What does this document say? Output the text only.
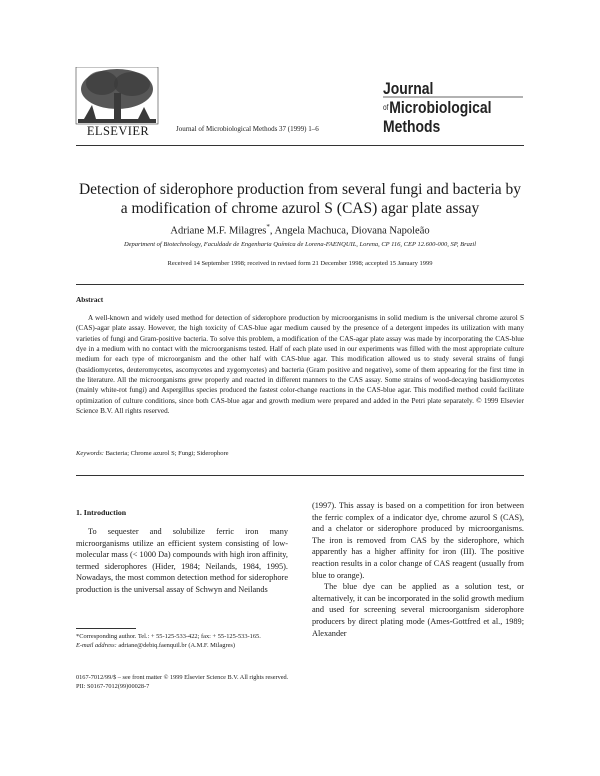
ELSEVIER	Journal of Microbiological Methods 37 (1999) 1–6
Journal
$^{of}$Microbiological
Methods
Detection of siderophore production from several fungi and bacteria by a modification of chrome azurol S (CAS) agar plate assay
Adriane M.F. Milagres*, Angela Machuca, Diovana Napoleão
Department of Biotechnology, Faculdade de Engenharia Química de Lorena-FAENQUIL, Lorena, CP 116, CEP 12.600-000, SP, Brazil
Received 14 September 1998; received in revised form 21 December 1998; accepted 15 January 1999
Abstract

A well-known and widely used method for detection of siderophore production by microorganisms in solid medium is the universal chrome azurol S (CAS)-agar plate assay. However, the high toxicity of CAS-blue agar medium caused by the presence of a detergent impedes its utilization with many varieties of fungi and Gram-positive bacteria. To solve this problem, a modification of the CAS-agar plate assay was made by incorporating the CAS-blue dye in a medium with no contact with the microorganisms tested. Half of each plate used in our experiments was filled with the most appropriate culture medium for each type of microorganism and the other half with CAS-blue agar. This modification allowed us to study several strains of fungi (basidiomycetes, deuteromycetes, ascomycetes and zygomycetes) and bacteria (Gram positive and negative), some of them appearing for the first time in the literature. All the microorganisms grew properly and reacted in different manners to the CAS assay. Some strains of wood-decaying basidiomycetes (mainly white-rot fungi) and Aspergillus species produced the fastest color-change reactions in the CAS-blue agar. This modified method could facilitate optimization of culture conditions, since both CAS-blue agar and growth medium were prepared and added in the Petri plate separately. © 1999 Elsevier Science B.V. All rights reserved.

Keywords: Bacteria; Chrome azurol S; Fungi; Siderophore
1. Introduction

To sequester and solubilize ferric iron many microorganisms utilize an efficient system consisting of low-molecular mass (< 1000 Da) compounds with high iron affinity, termed siderophores (Hider, 1984; Neilands, 1984, 1995). Nowadays, the most common detection method for siderophore production is the universal assay of Schwyn and Neilands

(1997). This assay is based on a competition for iron between the ferric complex of a indicator dye, chrome azurol S (CAS), and a chelator or siderophore produced by microorganisms. The iron is removed from CAS by the siderophore, which apparently has a higher affinity for iron (III). The positive reaction results in a color change of CAS reagent (usually from blue to orange).

The blue dye can be applied as a solution test, or alternatively, it can be incorporated in the solid growth medium and used for screening several microorganism siderophore producers by direct plating mode (Ames-Gottfred et al., 1989; Alexander

*Corresponding author. Tel.: + 55-125-533-422; fax: + 55-125-533-165.
E-mail address: adriane@debiq.faenquil.br (A.M.F. Milagres)
0167-7012/99/$ – see front matter © 1999 Elsevier Science B.V. All rights reserved.
PII: S0167-7012(99)00028-7
